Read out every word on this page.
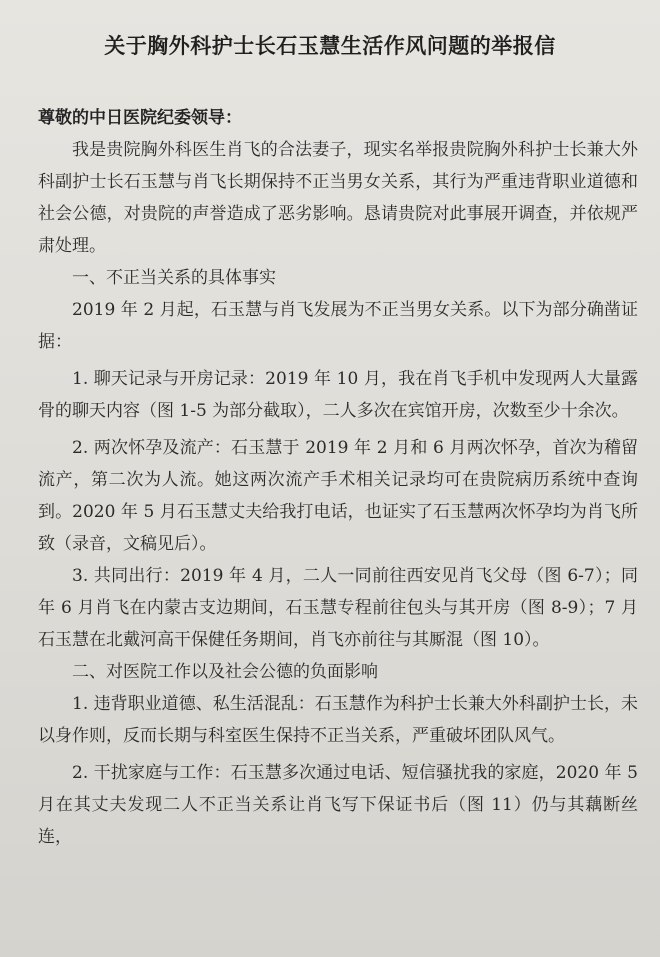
关于胸外科护士长石玉慧生活作风问题的举报信
尊敬的中日医院纪委领导：

我是贵院胸外科医生肖飞的合法妻子，现实名举报贵院胸外科护士长兼大外科副护士长石玉慧与肖飞长期保持不正当男女关系，其行为严重违背职业道德和社会公德，对贵院的声誉造成了恶劣影响。恳请贵院对此事展开调查，并依规严肃处理。

一、不正当关系的具体事实

2019 年 2 月起，石玉慧与肖飞发展为不正当男女关系。以下为部分确凿证据：

1. 聊天记录与开房记录：2019 年 10 月，我在肖飞手机中发现两人大量露骨的聊天内容（图 1-5 为部分截取），二人多次在宾馆开房，次数至少十余次。

2. 两次怀孕及流产：石玉慧于 2019 年 2 月和 6 月两次怀孕，首次为稽留流产，第二次为人流。她这两次流产手术相关记录均可在贵院病历系统中查询到。2020 年 5 月石玉慧丈夫给我打电话，也证实了石玉慧两次怀孕均为肖飞所致（录音，文稿见后）。

3. 共同出行：2019 年 4 月，二人一同前往西安见肖飞父母（图 6-7）；同年 6 月肖飞在内蒙古支边期间，石玉慧专程前往包头与其开房（图 8-9）；7 月石玉慧在北戴河高干保健任务期间，肖飞亦前往与其厮混（图 10）。

二、对医院工作以及社会公德的负面影响

1. 违背职业道德、私生活混乱：石玉慧作为科护士长兼大外科副护士长，未以身作则，反而长期与科室医生保持不正当关系，严重破坏团队风气。

2. 干扰家庭与工作：石玉慧多次通过电话、短信骚扰我的家庭，2020 年 5 月在其丈夫发现二人不正当关系让肖飞写下保证书后（图 11）仍与其藕断丝连，
